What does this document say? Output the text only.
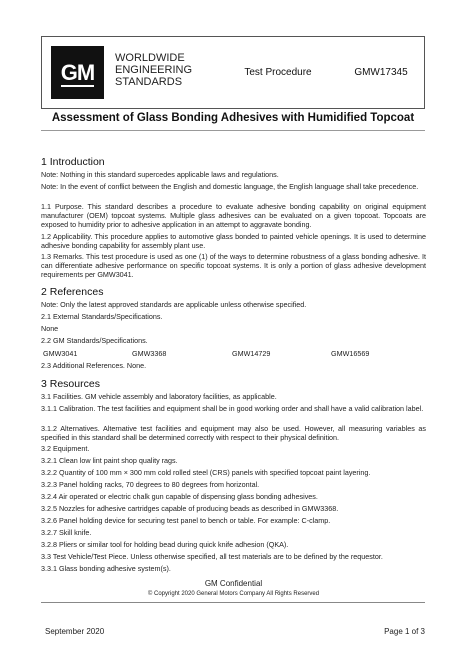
GM
WORLDWIDE
ENGINEERING
STANDARDS
Test Procedure	GMW17345
Assessment of Glass Bonding Adhesives with Humidified Topcoat
1 Introduction
Note: Nothing in this standard supercedes applicable laws and regulations.
Note: In the event of conflict between the English and domestic language, the English language shall take precedence.
1.1 Purpose. This standard describes a procedure to evaluate adhesive bonding capability on original equipment manufacturer (OEM) topcoat systems. Multiple glass adhesives can be evaluated on a given topcoat. Topcoats are exposed to humidity prior to adhesive application in an attempt to aggravate bonding.
1.2 Applicability. This procedure applies to automotive glass bonded to painted vehicle openings. It is used to determine adhesive bonding capability for assembly plant use.
1.3 Remarks. This test procedure is used as one (1) of the ways to determine robustness of a glass bonding adhesive. It can differentiate adhesive performance on specific topcoat systems. It is only a portion of glass adhesive development requirements per GMW3041.
2 References
Note: Only the latest approved standards are applicable unless otherwise specified.
2.1 External Standards/Specifications.
None
2.2 GM Standards/Specifications.
GMW3041	GMW3368	GMW14729	GMW16569
2.3 Additional References. None.
3 Resources
3.1 Facilities. GM vehicle assembly and laboratory facilities, as applicable.
3.1.1 Calibration. The test facilities and equipment shall be in good working order and shall have a valid calibration label.
3.1.2 Alternatives. Alternative test facilities and equipment may also be used. However, all measuring variables as specified in this standard shall be determined correctly with respect to their physical definition.
3.2 Equipment.
3.2.1 Clean low lint paint shop quality rags.
3.2.2 Quantity of 100 mm × 300 mm cold rolled steel (CRS) panels with specified topcoat paint layering.
3.2.3 Panel holding racks, 70 degrees to 80 degrees from horizontal.
3.2.4 Air operated or electric chalk gun capable of dispensing glass bonding adhesives.
3.2.5 Nozzles for adhesive cartridges capable of producing beads as described in GMW3368.
3.2.6 Panel holding device for securing test panel to bench or table. For example: C-clamp.
3.2.7 Skill knife.
3.2.8 Pliers or similar tool for holding bead during quick knife adhesion (QKA).
3.3 Test Vehicle/Test Piece. Unless otherwise specified, all test materials are to be defined by the requestor.
3.3.1 Glass bonding adhesive system(s).
GM Confidential
© Copyright 2020 General Motors Company All Rights Reserved
September 2020	Page 1 of 3
